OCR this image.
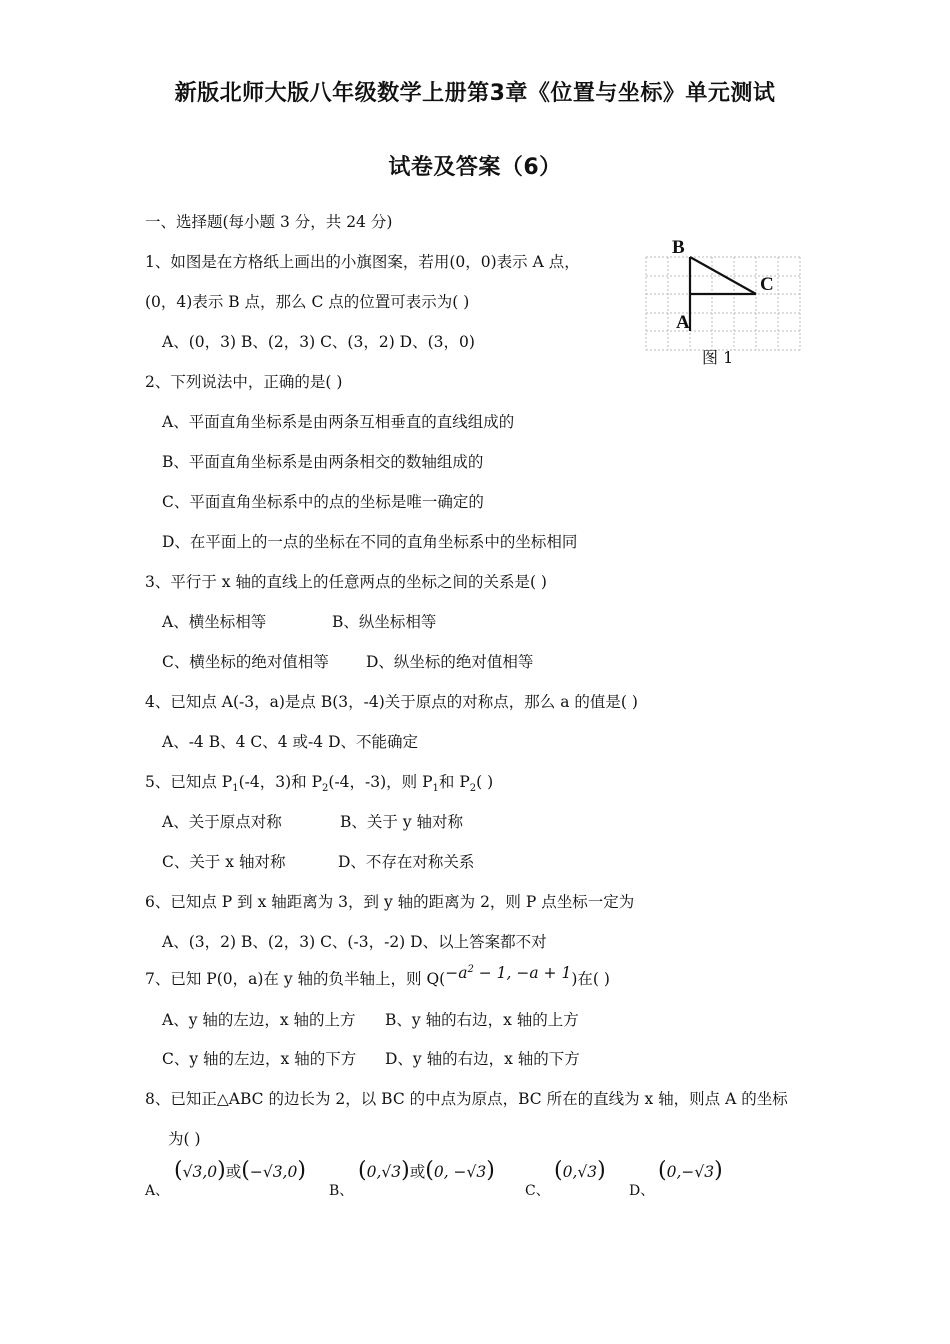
新版北师大版八年级数学上册第3章《位置与坐标》单元测试
试卷及答案（6）
一、选择题(每小题 3 分，共 24 分)
1、如图是在方格纸上画出的小旗图案，若用(0，0)表示 A 点，
(0，4)表示 B 点，那么 C 点的位置可表示为( )
A、(0，3) B、(2，3) C、(3，2) D、(3，0)
B
C
A
图 1
2、下列说法中，正确的是( )
A、平面直角坐标系是由两条互相垂直的直线组成的
B、平面直角坐标系是由两条相交的数轴组成的
C、平面直角坐标系中的点的坐标是唯一确定的
D、在平面上的一点的坐标在不同的直角坐标系中的坐标相同
3、平行于 x 轴的直线上的任意两点的坐标之间的关系是( )
A、横坐标相等	B、纵坐标相等
C、横坐标的绝对值相等 D、纵坐标的绝对值相等
4、已知点 A(-3，a)是点 B(3，-4)关于原点的对称点，那么 a 的值是( )
A、-4 B、4 C、4 或-4 D、不能确定
5、已知点 $P_1(-4$，3)和 $P_2(-4$，-3)，则 $P_1$和 $P_2$( )
A、关于原点对称	B、关于 y 轴对称
C、关于 x 轴对称	D、不存在对称关系
6、已知点 P 到 x 轴距离为 3，到 y 轴的距离为 2，则 P 点坐标一定为
A、(3，2) B、(2，3) C、(-3，-2) D、以上答案都不对
7、已知 P(0，a)在 y 轴的负半轴上，则 $Q(-a^2 - 1$, −a + 1)在( )
A、y 轴的左边，x 轴的上方 B、y 轴的右边，x 轴的上方
C、y 轴的左边，x 轴的下方 D、y 轴的右边，x 轴的下方
8、已知正△ABC 的边长为 2，以 BC 的中点为原点，BC 所在的直线为 x 轴，则点 A 的坐标
为( )
A、
(√3,0)或(−√3,0)
B、
(0,√3)或(0, −√3)
C、
(0,√3)
D、
(0,−√3)
